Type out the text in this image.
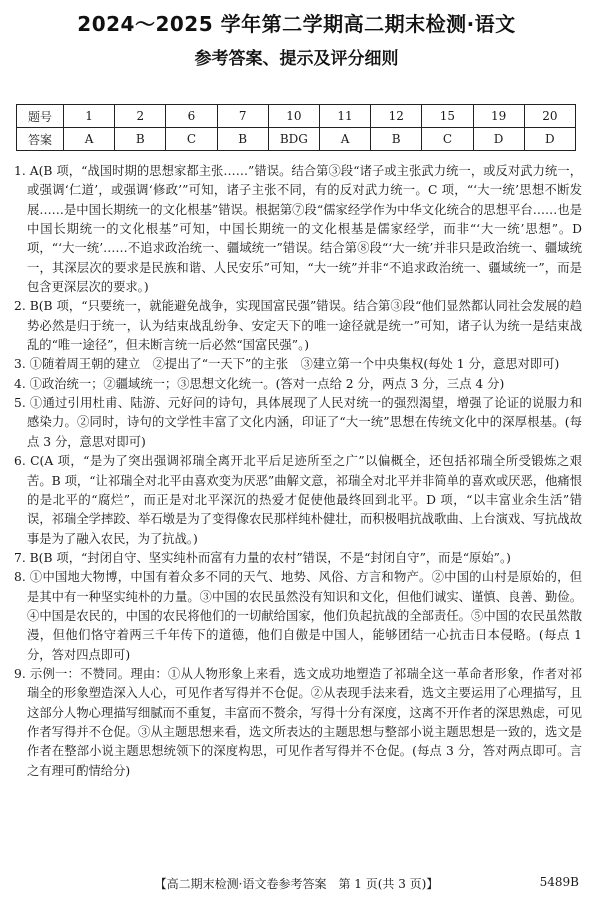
2024～2025 学年第二学期高二期末检测·语文
参考答案、提示及评分细则
题号	1	2	6	7	10	11	12	15	19	20
答案	A	B	C	B	BDG	A	B	C	D	D

1. A(B 项，“战国时期的思想家都主张……”错误。结合第③段“诸子或主张武力统一，或反对武力统一，或强调‘仁道’，或强调‘修政’”可知，诸子主张不同，有的反对武力统一。C 项，“‘大一统’思想不断发展……是中国长期统一的文化根基”错误。根据第⑦段“儒家经学作为中华文化统合的思想平台……也是中国长期统一的文化根基”可知，中国长期统一的文化根基是儒家经学，而非“‘大一统’思想”。D 项，“‘大一统’……不追求政治统一、疆域统一”错误。结合第⑧段“‘大一统’并非只是政治统一、疆域统一，其深层次的要求是民族和谐、人民安乐”可知，“大一统”并非“不追求政治统一、疆域统一”，而是包含更深层次的要求。)

2. B(B 项，“只要统一，就能避免战争，实现国富民强”错误。结合第③段“他们显然都认同社会发展的趋势必然是归于统一，认为结束战乱纷争、安定天下的唯一途径就是统一”可知，诸子认为统一是结束战乱的“唯一途径”，但未断言统一后必然“国富民强”。)

3. ①随着周王朝的建立　②提出了“一天下”的主张　③建立第一个中央集权(每处 1 分，意思对即可)

4. ①政治统一；②疆域统一；③思想文化统一。(答对一点给 2 分，两点 3 分，三点 4 分)

5. ①通过引用杜甫、陆游、元好问的诗句，具体展现了人民对统一的强烈渴望，增强了论证的说服力和感染力。②同时，诗句的文学性丰富了文化内涵，印证了“大一统”思想在传统文化中的深厚根基。(每点 3 分，意思对即可)

6. C(A 项，“是为了突出强调祁瑞全离开北平后足迹所至之广”以偏概全，还包括祁瑞全所受锻炼之艰苦。B 项，“让祁瑞全对北平由喜欢变为厌恶”曲解文意，祁瑞全对北平并非简单的喜欢或厌恶，他痛恨的是北平的“腐烂”，而正是对北平深沉的热爱才促使他最终回到北平。D 项，“以丰富业余生活”错误，祁瑞全学摔跤、举石墩是为了变得像农民那样纯朴健壮，而积极唱抗战歌曲、上台演戏、写抗战故事是为了融入农民，为了抗战。)

7. B(B 项，“封闭自守、坚实纯朴而富有力量的农村”错误，不是“封闭自守”，而是“原始”。)

8. ①中国地大物博，中国有着众多不同的天气、地势、风俗、方言和物产。②中国的山村是原始的，但是其中有一种坚实纯朴的力量。③中国的农民虽然没有知识和文化，但他们诚实、谨慎、良善、勤俭。④中国是农民的，中国的农民将他们的一切献给国家，他们负起抗战的全部责任。⑤中国的农民虽然散漫，但他们恪守着两三千年传下的道德，他们自傲是中国人，能够团结一心抗击日本侵略。(每点 1 分，答对四点即可)

9. 示例一：不赞同。理由：①从人物形象上来看，选文成功地塑造了祁瑞全这一革命者形象，作者对祁瑞全的形象塑造深入人心，可见作者写得并不仓促。②从表现手法来看，选文主要运用了心理描写，且这部分人物心理描写细腻而不重复，丰富而不赘余，写得十分有深度，这离不开作者的深思熟虑，可见作者写得并不仓促。③从主题思想来看，选文所表达的主题思想与整部小说主题思想是一致的，选文是作者在整部小说主题思想统领下的深度构思，可见作者写得并不仓促。(每点 3 分，答对两点即可。言之有理可酌情给分)

【高二期末检测·语文卷参考答案　第 1 页(共 3 页)】	5489B
